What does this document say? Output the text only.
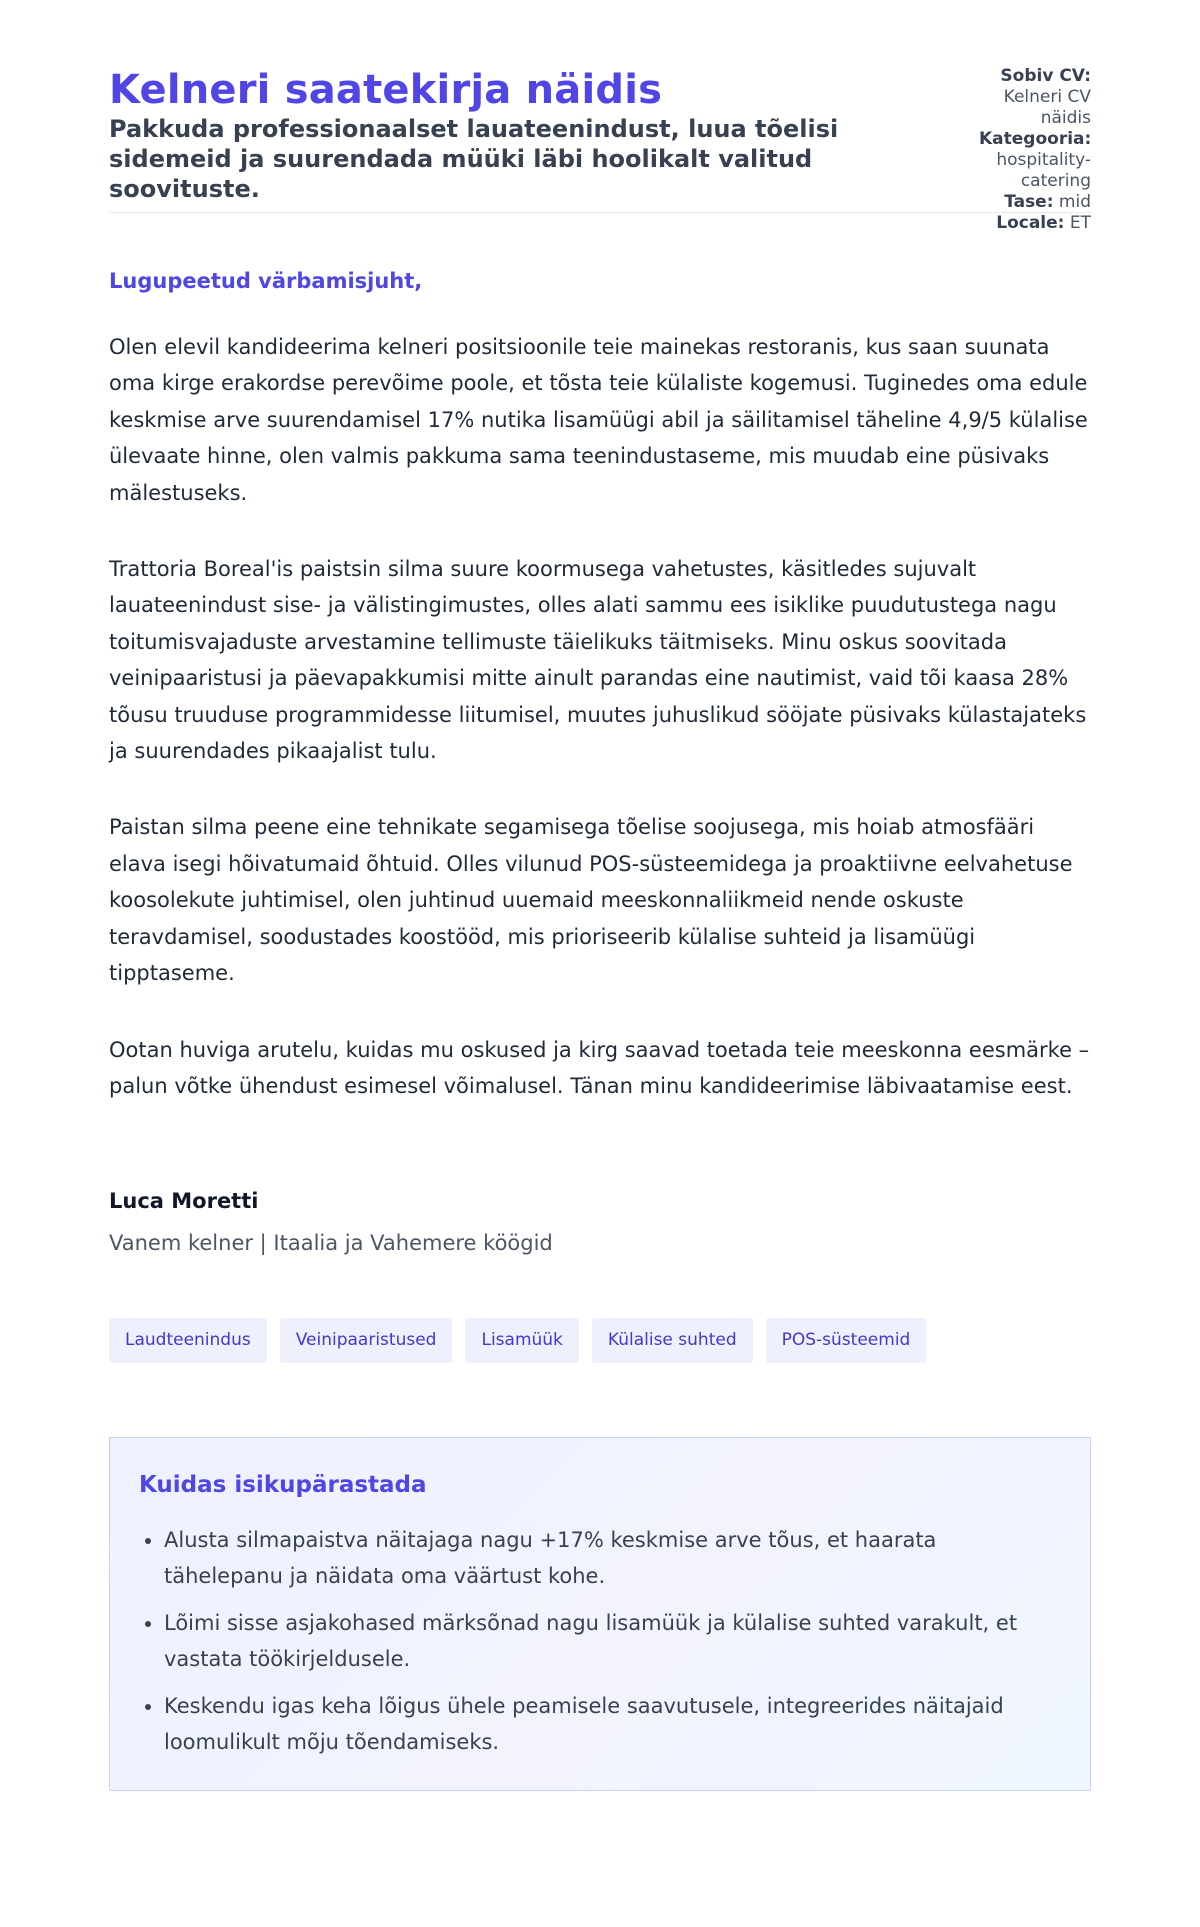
Kelneri saatekirja näidis
Pakkuda professionaalset lauateenindust, luua tõelisi sidemeid ja suurendada müüki läbi hoolikalt valitud soovituste.
Sobiv CV: Kelneri CV näidis
Kategooria: hospitality-catering
Tase: mid
Locale: ET

Lugupeetud värbamisjuht,

Olen elevil kandideerima kelneri positsioonile teie mainekas restoranis, kus saan suunata oma kirge erakordse perevõime poole, et tõsta teie külaliste kogemusi. Tuginedes oma edule keskmise arve suurendamisel 17% nutika lisamüügi abil ja säilitamisel täheline 4,9/5 külalise ülevaate hinne, olen valmis pakkuma sama teenindustaseme, mis muudab eine püsivaks mälestuseks.

Trattoria Boreal'is paistsin silma suure koormusega vahetustes, käsitledes sujuvalt lauateenindust sise- ja välistingimustes, olles alati sammu ees isiklike puudutustega nagu toitumisvajaduste arvestamine tellimuste täielikuks täitmiseks. Minu oskus soovitada veinipaaristusi ja päevapakkumisi mitte ainult parandas eine nautimist, vaid tõi kaasa 28% tõusu truuduse programmidesse liitumisel, muutes juhuslikud sööjate püsivaks külastajateks ja suurendades pikaajalist tulu.

Paistan silma peene eine tehnikate segamisega tõelise soojusega, mis hoiab atmosfääri elava isegi hõivatumaid õhtuid. Olles vilunud POS-süsteemidega ja proaktiivne eelvahetuse koosolekute juhtimisel, olen juhtinud uuemaid meeskonnaliikmeid nende oskuste teravdamisel, soodustades koostööd, mis prioriseerib külalise suhteid ja lisamüügi tipptaseme.

Ootan huviga arutelu, kuidas mu oskused ja kirg saavad toetada teie meeskonna eesmärke – palun võtke ühendust esimesel võimalusel. Tänan minu kandideerimise läbivaatamise eest.

Luca Moretti
Vanem kelner | Itaalia ja Vahemere köögid
Laudteenindus	Veinipaaristused	Lisamüük	Külalise suhted	POS-süsteemid
Kuidas isikupärastada
• Alusta silmapaistva näitajaga nagu +17% keskmise arve tõus, et haarata tähelepanu ja näidata oma väärtust kohe.
• Lõimi sisse asjakohased märksõnad nagu lisamüük ja külalise suhted varakult, et vastata töökirjeldusele.
• Keskendu igas keha lõigus ühele peamisele saavutusele, integreerides näitajaid loomulikult mõju tõendamiseks.
